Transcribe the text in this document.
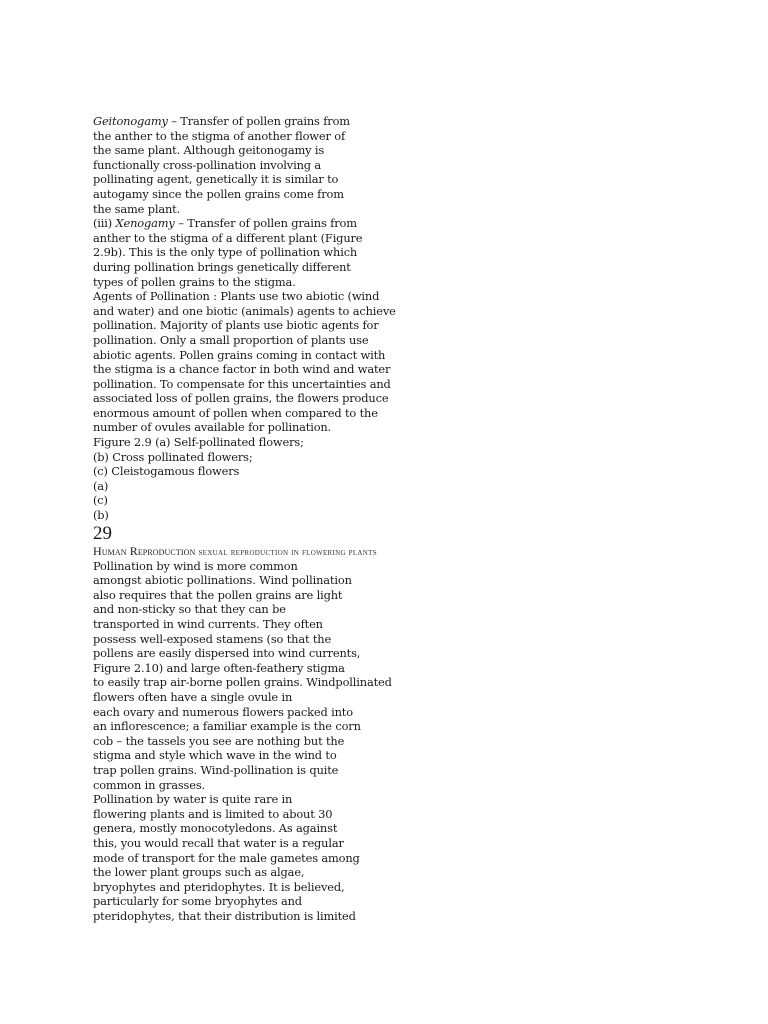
Geitonogamy – Transfer of pollen grains from
the anther to the stigma of another flower of
the same plant. Although geitonogamy is
functionally cross-pollination involving a
pollinating agent, genetically it is similar to
autogamy since the pollen grains come from
the same plant.
(iii) Xenogamy – Transfer of pollen grains from
anther to the stigma of a different plant (Figure
2.9b). This is the only type of pollination which
during pollination brings genetically different
types of pollen grains to the stigma.
Agents of Pollination : Plants use two abiotic (wind
and water) and one biotic (animals) agents to achieve
pollination. Majority of plants use biotic agents for
pollination. Only a small proportion of plants use
abiotic agents. Pollen grains coming in contact with
the stigma is a chance factor in both wind and water
pollination. To compensate for this uncertainties and
associated loss of pollen grains, the flowers produce
enormous amount of pollen when compared to the
number of ovules available for pollination.
Figure 2.9 (a) Self-pollinated flowers;
(b) Cross pollinated flowers;
(c) Cleistogamous flowers
(a)
(c)
(b)
29
Human Reproduction sexual reproduction in flowering plants
Pollination by wind is more common
amongst abiotic pollinations. Wind pollination
also requires that the pollen grains are light
and non-sticky so that they can be
transported in wind currents. They often
possess well-exposed stamens (so that the
pollens are easily dispersed into wind currents,
Figure 2.10) and large often-feathery stigma
to easily trap air-borne pollen grains. Windpollinated
flowers often have a single ovule in
each ovary and numerous flowers packed into
an inflorescence; a familiar example is the corn
cob – the tassels you see are nothing but the
stigma and style which wave in the wind to
trap pollen grains. Wind-pollination is quite
common in grasses.
Pollination by water is quite rare in
flowering plants and is limited to about 30
genera, mostly monocotyledons. As against
this, you would recall that water is a regular
mode of transport for the male gametes among
the lower plant groups such as algae,
bryophytes and pteridophytes. It is believed,
particularly for some bryophytes and
pteridophytes, that their distribution is limited
